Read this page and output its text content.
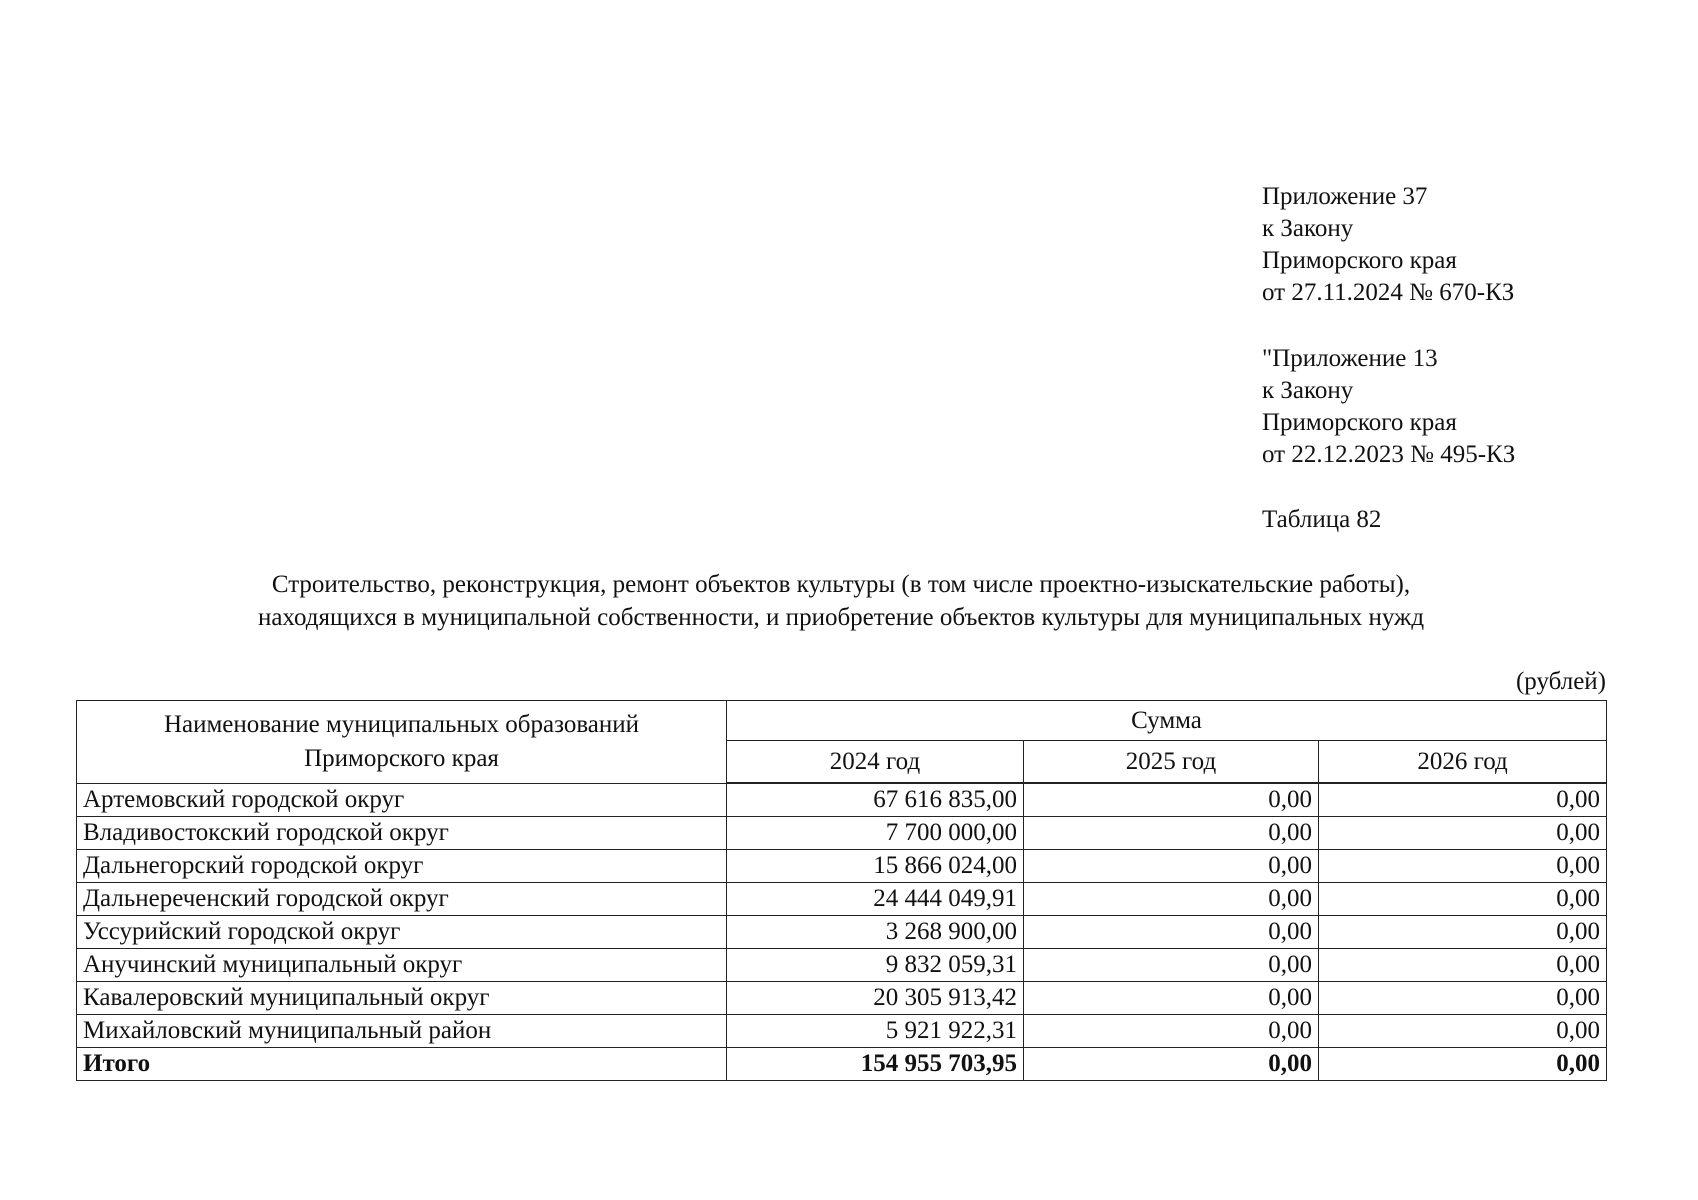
Приложение 37
к Закону
Приморского края
от 27.11.2024 № 670-КЗ
"Приложение 13
к Закону
Приморского края
от 22.12.2023 № 495-КЗ
Таблица 82
Строительство, реконструкция, ремонт объектов культуры (в том числе проектно-изыскательские работы),
находящихся в муниципальной собственности, и приобретение объектов культуры для муниципальных нужд
(рублей)
Наименование муниципальных образований
Приморского края	Сумма		
	2024 год	2025 год	2026 год
Артемовский городской округ	67 616 835,00	0,00	0,00
Владивостокский городской округ	7 700 000,00	0,00	0,00
Дальнегорский городской округ	15 866 024,00	0,00	0,00
Дальнереченский городской округ	24 444 049,91	0,00	0,00
Уссурийский городской округ	3 268 900,00	0,00	0,00
Анучинский муниципальный округ	9 832 059,31	0,00	0,00
Кавалеровский муниципальный округ	20 305 913,42	0,00	0,00
Михайловский муниципальный район	5 921 922,31	0,00	0,00
Итого	154 955 703,95	0,00	0,00
